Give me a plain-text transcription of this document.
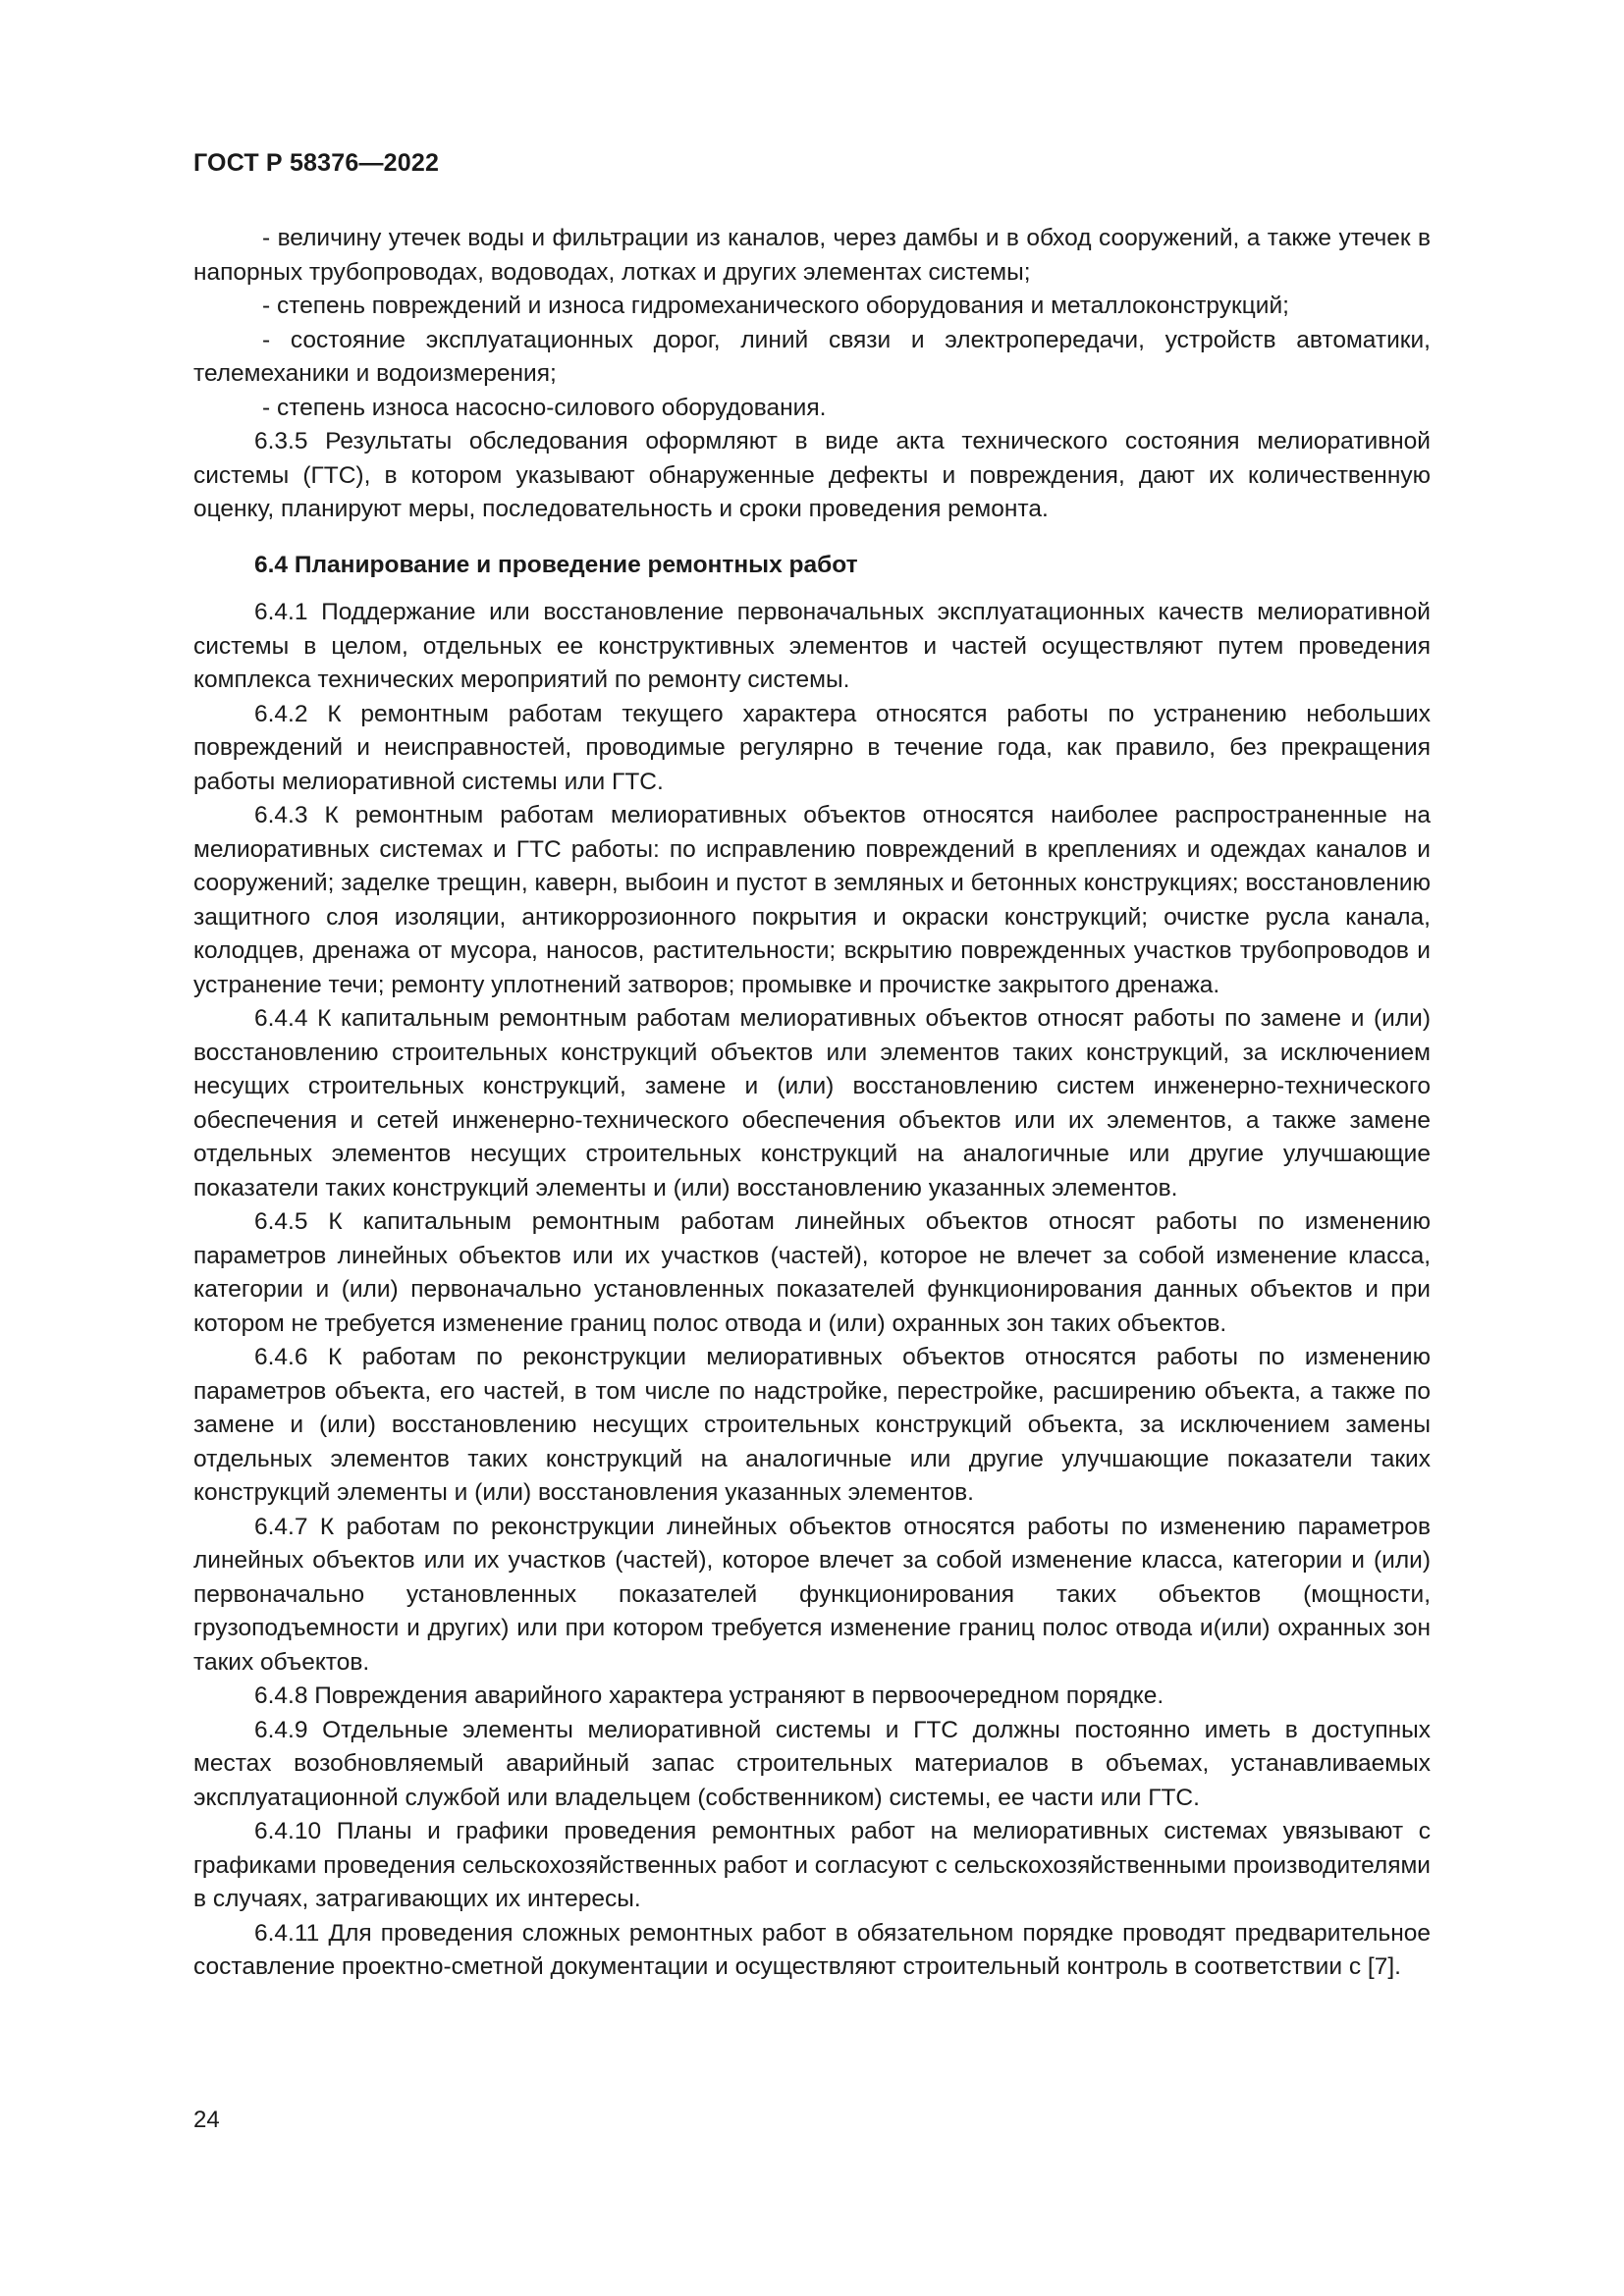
ГОСТ Р 58376—2022

- величину утечек воды и фильтрации из каналов, через дамбы и в обход сооружений, а также утечек в напорных трубопроводах, водоводах, лотках и других элементах системы;

- степень повреждений и износа гидромеханического оборудования и металлоконструкций;

- состояние эксплуатационных дорог, линий связи и электропередачи, устройств автоматики, телемеханики и водоизмерения;

- степень износа насосно-силового оборудования.

6.3.5 Результаты обследования оформляют в виде акта технического состояния мелиоративной системы (ГТС), в котором указывают обнаруженные дефекты и повреждения, дают их количественную оценку, планируют меры, последовательность и сроки проведения ремонта.

6.4 Планирование и проведение ремонтных работ

6.4.1 Поддержание или восстановление первоначальных эксплуатационных качеств мелиоративной системы в целом, отдельных ее конструктивных элементов и частей осуществляют путем проведения комплекса технических мероприятий по ремонту системы.

6.4.2 К ремонтным работам текущего характера относятся работы по устранению небольших повреждений и неисправностей, проводимые регулярно в течение года, как правило, без прекращения работы мелиоративной системы или ГТС.

6.4.3 К ремонтным работам мелиоративных объектов относятся наиболее распространенные на мелиоративных системах и ГТС работы: по исправлению повреждений в креплениях и одеждах каналов и сооружений; заделке трещин, каверн, выбоин и пустот в земляных и бетонных конструкциях; восстановлению защитного слоя изоляции, антикоррозионного покрытия и окраски конструкций; очистке русла канала, колодцев, дренажа от мусора, наносов, растительности; вскрытию поврежденных участков трубопроводов и устранение течи; ремонту уплотнений затворов; промывке и прочистке закрытого дренажа.

6.4.4 К капитальным ремонтным работам мелиоративных объектов относят работы по замене и (или) восстановлению строительных конструкций объектов или элементов таких конструкций, за исключением несущих строительных конструкций, замене и (или) восстановлению систем инженерно-технического обеспечения и сетей инженерно-технического обеспечения объектов или их элементов, а также замене отдельных элементов несущих строительных конструкций на аналогичные или другие улучшающие показатели таких конструкций элементы и (или) восстановлению указанных элементов.

6.4.5 К капитальным ремонтным работам линейных объектов относят работы по изменению параметров линейных объектов или их участков (частей), которое не влечет за собой изменение класса, категории и (или) первоначально установленных показателей функционирования данных объектов и при котором не требуется изменение границ полос отвода и (или) охранных зон таких объектов.

6.4.6 К работам по реконструкции мелиоративных объектов относятся работы по изменению параметров объекта, его частей, в том числе по надстройке, перестройке, расширению объекта, а также по замене и (или) восстановлению несущих строительных конструкций объекта, за исключением замены отдельных элементов таких конструкций на аналогичные или другие улучшающие показатели таких конструкций элементы и (или) восстановления указанных элементов.

6.4.7 К работам по реконструкции линейных объектов относятся работы по изменению параметров линейных объектов или их участков (частей), которое влечет за собой изменение класса, категории и (или) первоначально установленных показателей функционирования таких объектов (мощности, грузоподъемности и других) или при котором требуется изменение границ полос отвода и(или) охранных зон таких объектов.

6.4.8 Повреждения аварийного характера устраняют в первоочередном порядке.

6.4.9 Отдельные элементы мелиоративной системы и ГТС должны постоянно иметь в доступных местах возобновляемый аварийный запас строительных материалов в объемах, устанавливаемых эксплуатационной службой или владельцем (собственником) системы, ее части или ГТС.

6.4.10 Планы и графики проведения ремонтных работ на мелиоративных системах увязывают с графиками проведения сельскохозяйственных работ и согласуют с сельскохозяйственными производителями в случаях, затрагивающих их интересы.

6.4.11 Для проведения сложных ремонтных работ в обязательном порядке проводят предварительное составление проектно-сметной документации и осуществляют строительный контроль в соответствии с [7].

24
